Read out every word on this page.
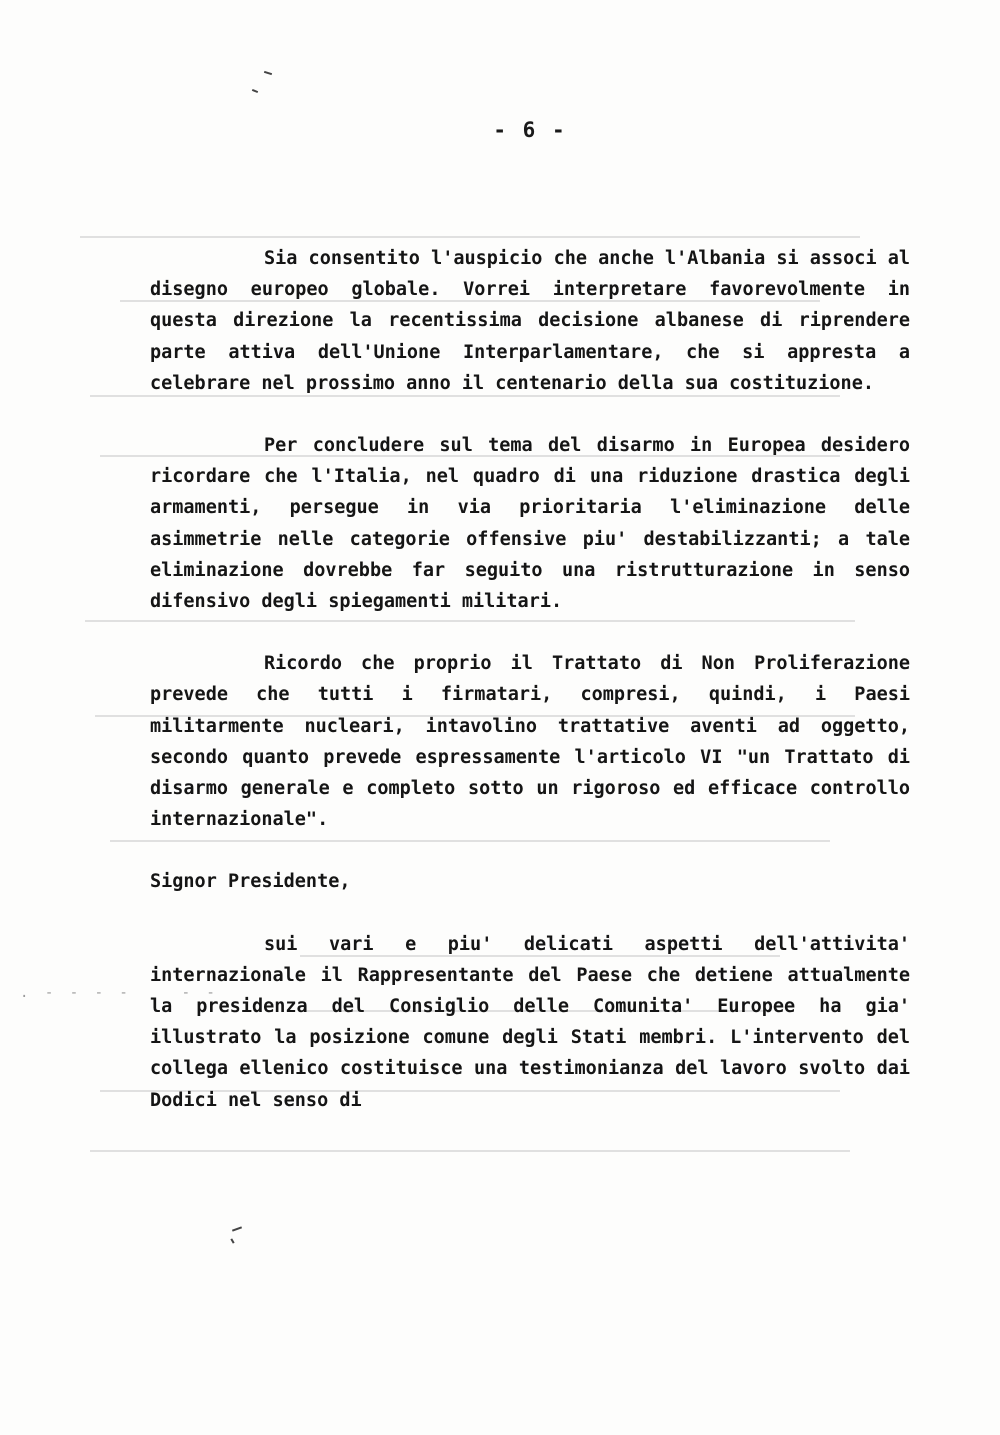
. - - - -    - -
- 6 -

Sia consentito l'auspicio che anche l'Albania si associ al disegno europeo globale. Vorrei interpretare favorevolmente in questa direzione la recentissima decisione albanese di riprendere parte attiva dell'Unione Interparlamentare, che si appresta a celebrare nel prossimo anno il centenario della sua costituzione.

Per concludere sul tema del disarmo in Europea desidero ricordare che l'Italia, nel quadro di una riduzione drastica degli armamenti, persegue in via prioritaria l'eliminazione delle asimmetrie nelle categorie offensive piu' destabilizzanti; a tale eliminazione dovrebbe far seguito una ristrutturazione in senso difensivo degli spiegamenti militari.

Ricordo che proprio il Trattato di Non Proliferazione prevede che tutti i firmatari, compresi, quindi, i Paesi militarmente nucleari, intavolino trattative aventi ad oggetto, secondo quanto prevede espressamente l'articolo VI "un Trattato di disarmo generale e completo sotto un rigoroso ed efficace controllo internazionale".

Signor Presidente,

sui vari e piu' delicati aspetti dell'attivita' internazionale il Rappresentante del Paese che detiene attualmente la presidenza del Consiglio delle Comunita' Europee ha gia' illustrato la posizione comune degli Stati membri. L'intervento del collega ellenico costituisce una testimonianza del lavoro svolto dai Dodici nel senso di
